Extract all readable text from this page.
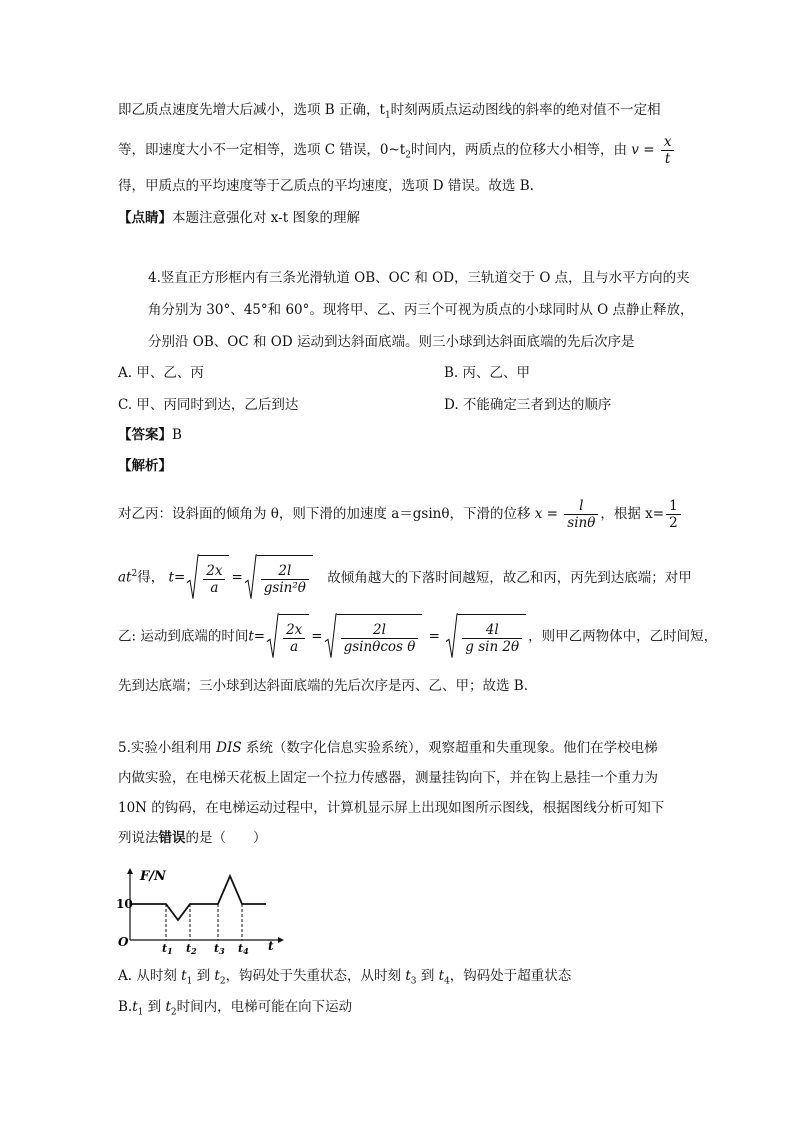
即乙质点速度先增大后减小，选项 B 正确，$t_1$时刻两质点运动图线的斜率的绝对值不一定相
等，即速度大小不一定相等，选项 C 错误，$0\sim t_2$时间内，两质点的位移大小相等，由 $v = \frac{x}{t}$
得，甲质点的平均速度等于乙质点的平均速度，选项 D 错误。故选 B.
【点睛】本题注意强化对 x-t 图象的理解
4.竖直正方形框内有三条光滑轨道 OB、OC 和 OD，三轨道交于 O 点，且与水平方向的夹
角分别为 30°、45°和 60°。现将甲、乙、丙三个可视为质点的小球同时从 O 点静止释放，
分别沿 OB、OC 和 OD 运动到达斜面底端。则三小球到达斜面底端的先后次序是
A. 甲、乙、丙	B. 丙、乙、甲
C. 甲、丙同时到达，乙后到达	D. 不能确定三者到达的顺序
【答案】B
【解析】
对乙丙：设斜面的倾角为 θ，则下滑的加速度 a＝gsinθ，下滑的位移 $x = \frac{l}{\sin\theta}$ ，根据 $x= \frac{1}{2}$
$at^2$得， $t= \frac{2x}{a} = \frac{2l}{\text{gsin²θ}}$ 故倾角越大的下落时间越短，故乙和丙，丙先到达底端；对甲
乙: 运动到底端的时间$t= \frac{2x}{a} = \frac{2l}{\text{gsinθcos θ}} = \frac{4l}{\text{g sin 2θ}}$ ，则甲乙两物体中，乙时间短，
先到达底端；三小球到达斜面底端的先后次序是丙、乙、甲；故选 B.
5.实验小组利用 DIS 系统（数字化信息实验系统），观察超重和失重现象。他们在学校电梯
内做实验，在电梯天花板上固定一个拉力传感器，测量挂钩向下，并在钩上悬挂一个重力为
10N 的钩码，在电梯运动过程中，计算机显示屏上出现如图所示图线，根据图线分析可知下
列说法错误的是（　　）
F/N
t
O
10
t1 t2 t3 t4
A. 从时刻 $t_1$ 到 $t_2$，钩码处于失重状态，从时刻 $t_3$ 到 $t_4$，钩码处于超重状态
$B.t_1$ 到 $t_2$时间内，电梯可能在向下运动
